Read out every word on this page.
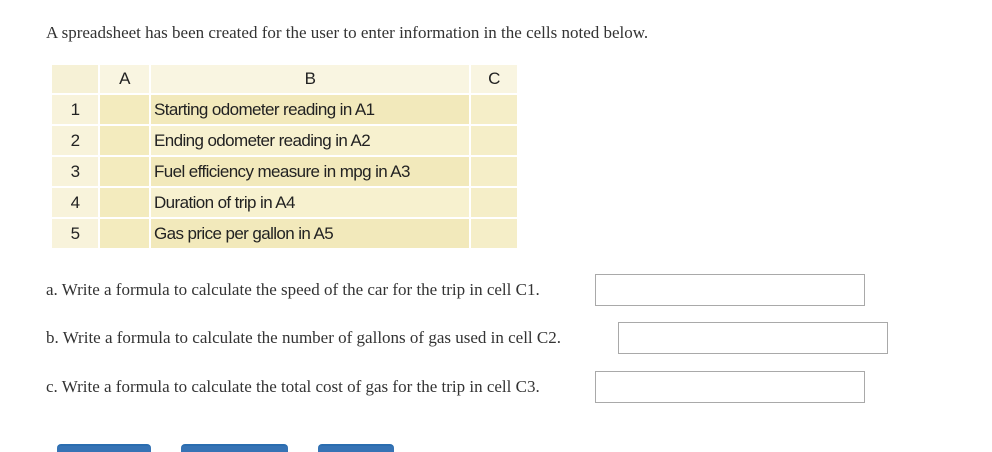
A spreadsheet has been created for the user to enter information in the cells noted below.
	A	B	C
1		Starting odometer reading in A1	
2		Ending odometer reading in A2	
3		Fuel efficiency measure in mpg in A3	
4		Duration of trip in A4	
5		Gas price per gallon in A5	
a. Write a formula to calculate the speed of the car for the trip in cell C1.
b. Write a formula to calculate the number of gallons of gas used in cell C2.
c. Write a formula to calculate the total cost of gas for the trip in cell C3.
